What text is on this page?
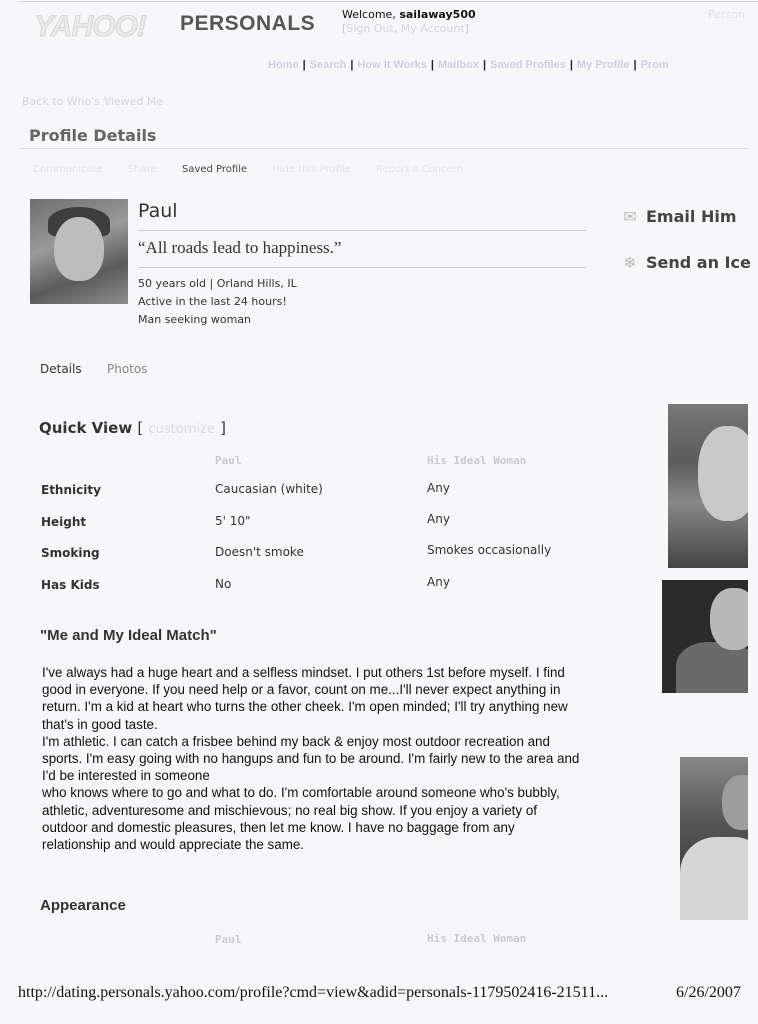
YAHOO! PERSONALS Welcome, sailaway500
[Sign Out, My Account]
Person
Home | Search | How It Works | Mailbox | Saved Profiles | My Profile | Prom
Back to Who's Viewed Me
Profile Details
Communicate	Share	Saved Profile	Hide this Profile	Report a Concern
Paul
“All roads lead to happiness.”
50 years old | Orland Hills, IL
Active in the last 24 hours!
Man seeking woman
✉ Email Him
❄ Send an Ice
Details Photos
Quick View [ customize ]
Paul	His Ideal Woman
Ethnicity	Caucasian (white)	Any
Height	5' 10"	Any
Smoking	Doesn't smoke	Smokes occasionally
Has Kids	No	Any
"Me and My Ideal Match"

I've always had a huge heart and a selfless mindset. I put others 1st before myself. I find

good in everyone. If you need help or a favor, count on me...I'll never expect anything in

return. I'm a kid at heart who turns the other cheek. I'm open minded; I'll try anything new

that's in good taste.

I'm athletic. I can catch a frisbee behind my back & enjoy most outdoor recreation and

sports. I'm easy going with no hangups and fun to be around. I'm fairly new to the area and

I'd be interested in someone

who knows where to go and what to do. I'm comfortable around someone who's bubbly,

athletic, adventuresome and mischievous; no real big show. If you enjoy a variety of

outdoor and domestic pleasures, then let me know. I have no baggage from any

relationship and would appreciate the same.

Appearance
Paul	His Ideal Woman
http://dating.personals.yahoo.com/profile?cmd=view&adid=personals-1179502416-21511...	6/26/2007
